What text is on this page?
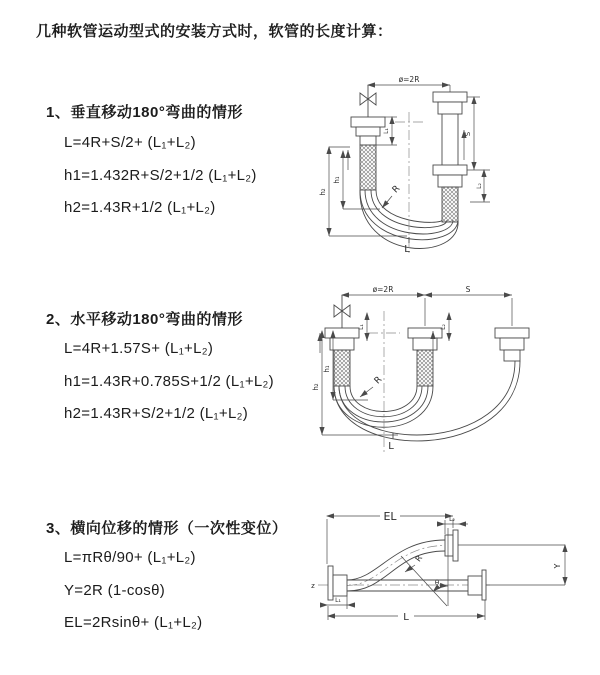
几种软管运动型式的安装方式时，软管的长度计算：
1、垂直移动180°弯曲的情形

L=4R+S/2+ (L₁+L₂)

h1=1.432R+S/2+1/2 (L₁+L₂)

h2=1.43R+1/2 (L₁+L₂)

ø=2R
L₁
h₂
h₁
S
L₂
R
L
2、水平移动180°弯曲的情形

L=4R+1.57S+ (L₁+L₂)

h1=1.43R+0.785S+1/2 (L₁+L₂)

h2=1.43R+S/2+1/2 (L₁+L₂)

ø=2R	S
L₁	L₂
h₂
h₁
R
L
3、横向位移的情形（一次性变位）

L=πRθ/90+ (L₁+L₂)

Y=2R (1-cosθ)

EL=2Rsinθ+ (L₁+L₂)

EL	L₂
z
Y
θ
R
L₁
L
